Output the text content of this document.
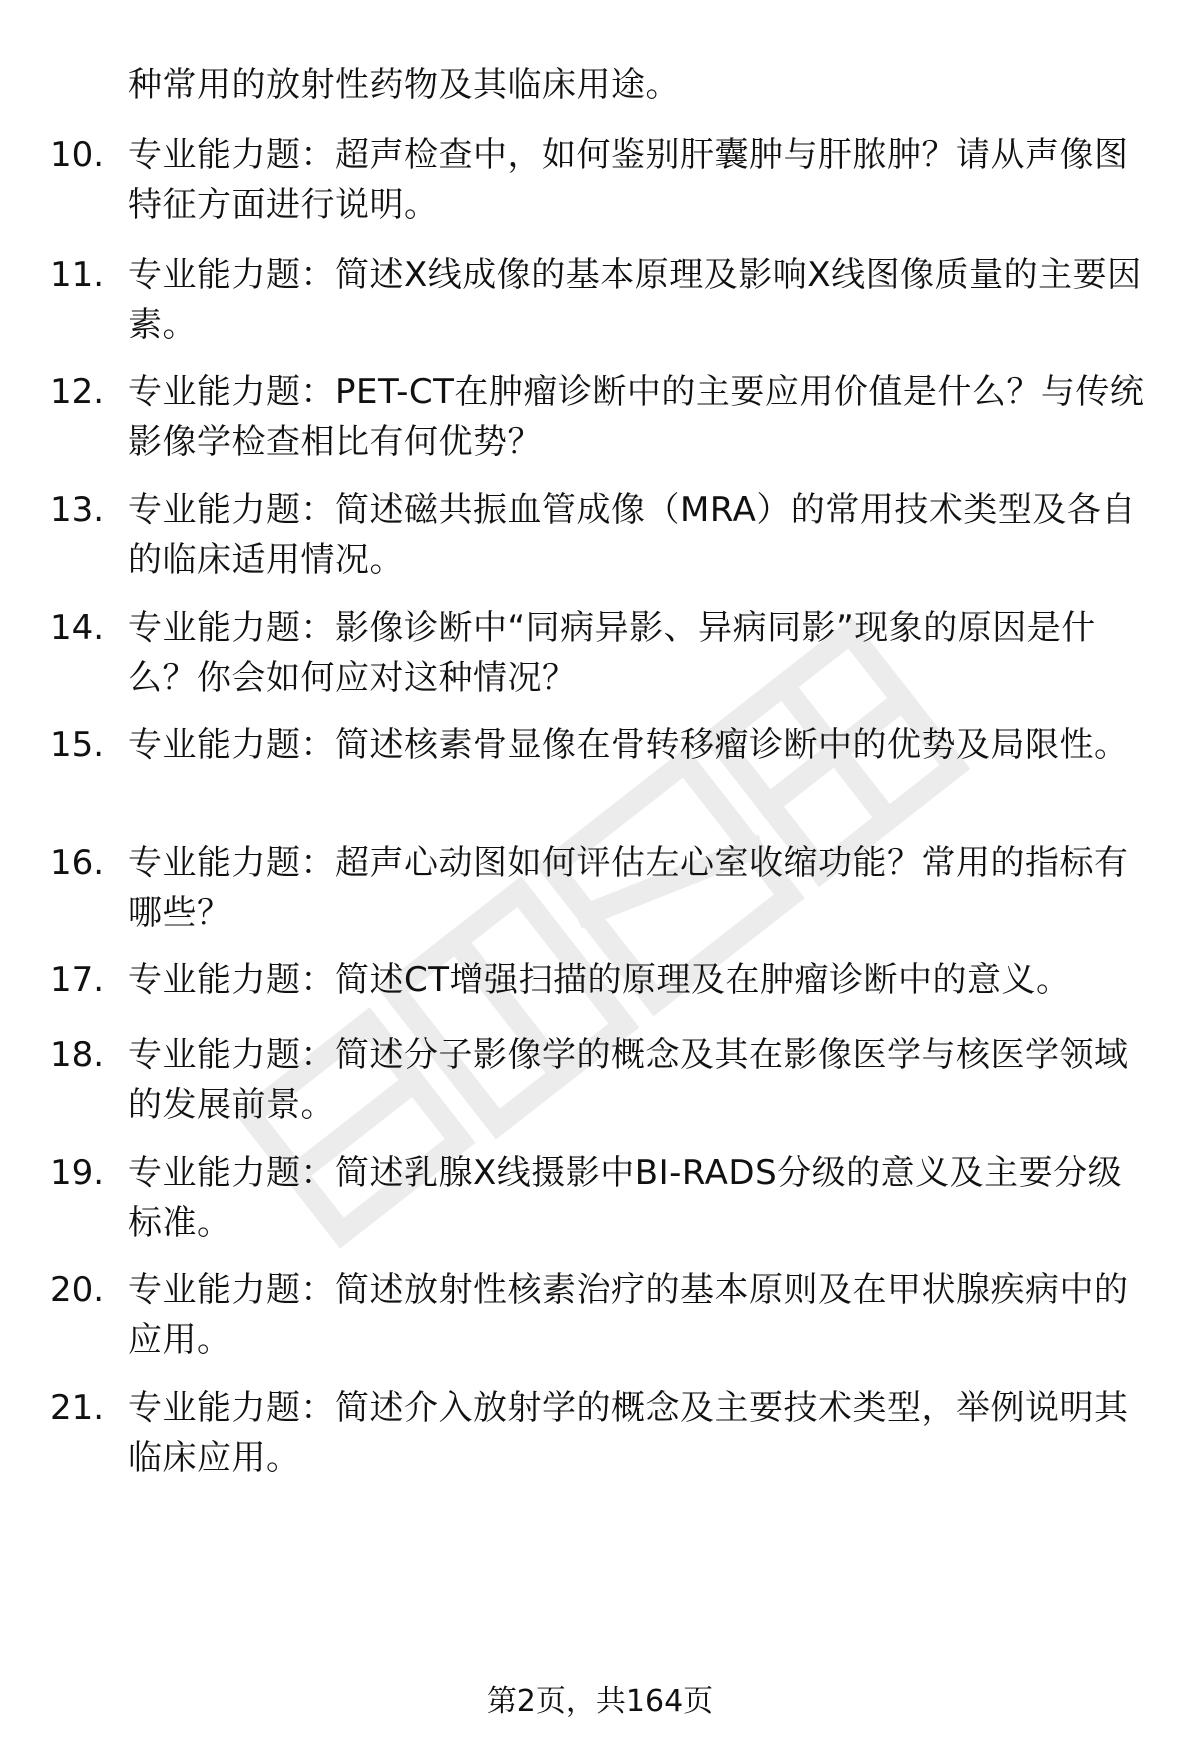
种常用的放射性药物及其临床用途。
10. 专业能力题：超声检查中，如何鉴别肝囊肿与肝脓肿？请从声像图特征方面进行说明。
11. 专业能力题：简述X线成像的基本原理及影响X线图像质量的主要因素。
12. 专业能力题：PET-CT在肿瘤诊断中的主要应用价值是什么？与传统影像学检查相比有何优势？
13. 专业能力题：简述磁共振血管成像（MRA）的常用技术类型及各自的临床适用情况。
14. 专业能力题：影像诊断中“同病异影、异病同影”现象的原因是什么？你会如何应对这种情况？
15. 专业能力题：简述核素骨显像在骨转移瘤诊断中的优势及局限性。
16. 专业能力题：超声心动图如何评估左心室收缩功能？常用的指标有哪些？
17. 专业能力题：简述CT增强扫描的原理及在肿瘤诊断中的意义。
18. 专业能力题：简述分子影像学的概念及其在影像医学与核医学领域的发展前景。
19. 专业能力题：简述乳腺X线摄影中BI-RADS分级的意义及主要分级标准。
20. 专业能力题：简述放射性核素治疗的基本原则及在甲状腺疾病中的应用。
21. 专业能力题：简述介入放射学的概念及主要技术类型，举例说明其临床应用。
第2页，共164页
